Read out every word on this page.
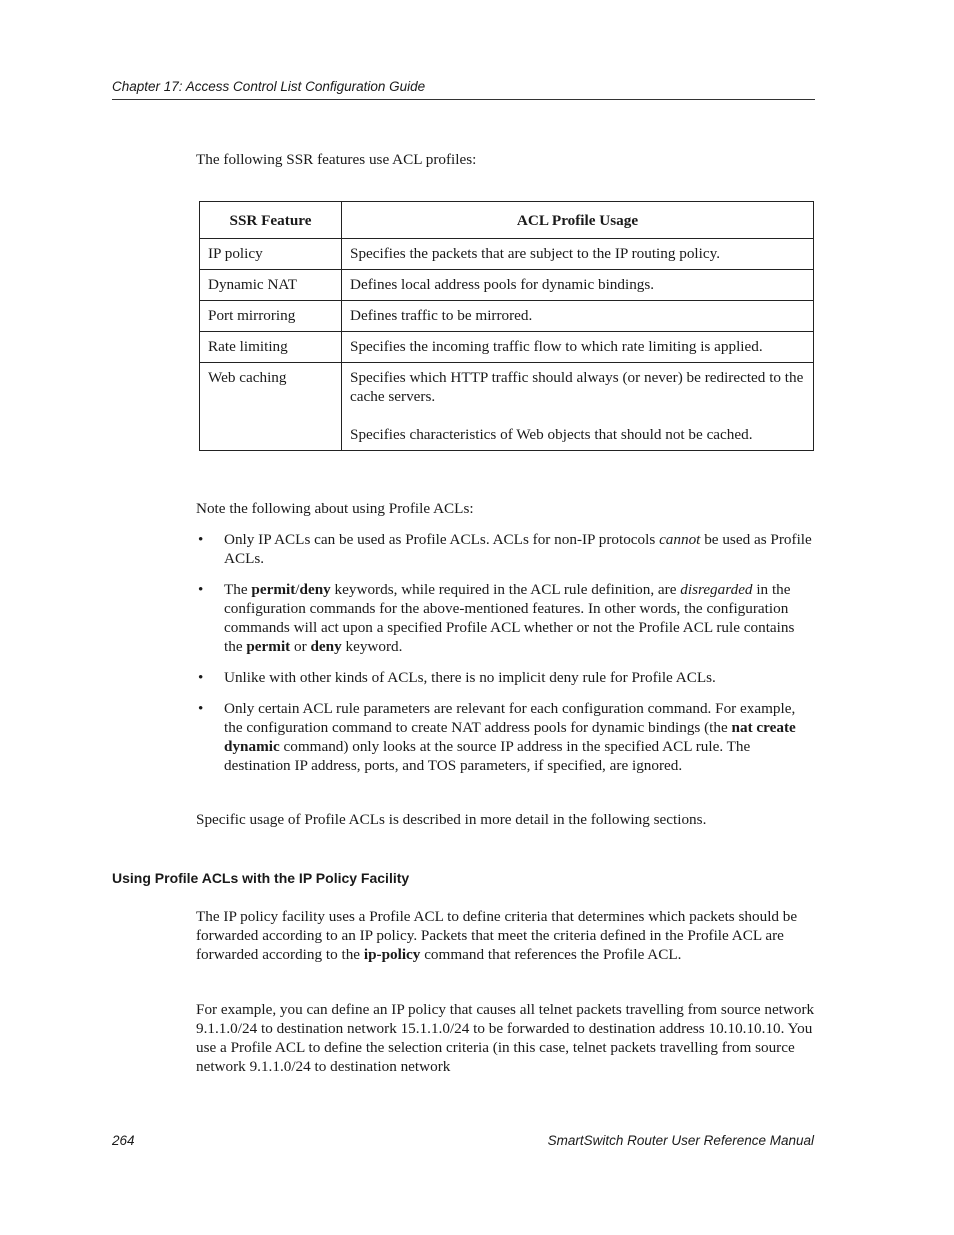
Chapter 17: Access Control List Configuration Guide

The following SSR features use ACL profiles:

SSR Feature	ACL Profile Usage
IP policy	Specifies the packets that are subject to the IP routing policy.
Dynamic NAT	Defines local address pools for dynamic bindings.
Port mirroring	Defines traffic to be mirrored.
Rate limiting	Specifies the incoming traffic flow to which rate limiting is applied.
Web caching	Specifies which HTTP traffic should always (or never) be redirected to the cache servers.
Specifies characteristics of Web objects that should not be cached.

Note the following about using Profile ACLs:

• Only IP ACLs can be used as Profile ACLs. ACLs for non-IP protocols cannot be used as Profile ACLs.
• The permit/deny keywords, while required in the ACL rule definition, are disregarded in the configuration commands for the above-mentioned features. In other words, the configuration commands will act upon a specified Profile ACL whether or not the Profile ACL rule contains the permit or deny keyword.
• Unlike with other kinds of ACLs, there is no implicit deny rule for Profile ACLs.
• Only certain ACL rule parameters are relevant for each configuration command. For example, the configuration command to create NAT address pools for dynamic bindings (the nat create dynamic command) only looks at the source IP address in the specified ACL rule. The destination IP address, ports, and TOS parameters, if specified, are ignored.

Specific usage of Profile ACLs is described in more detail in the following sections.

Using Profile ACLs with the IP Policy Facility

The IP policy facility uses a Profile ACL to define criteria that determines which packets should be forwarded according to an IP policy. Packets that meet the criteria defined in the Profile ACL are forwarded according to the ip-policy command that references the Profile ACL.

For example, you can define an IP policy that causes all telnet packets travelling from source network 9.1.1.0/24 to destination network 15.1.1.0/24 to be forwarded to destination address 10.10.10.10. You use a Profile ACL to define the selection criteria (in this case, telnet packets travelling from source network 9.1.1.0/24 to destination network

264	SmartSwitch Router User Reference Manual
